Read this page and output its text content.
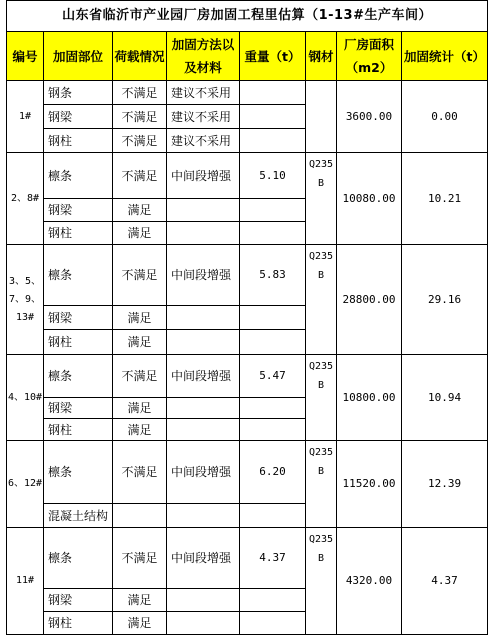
山东省临沂市产业园厂房加固工程里估算（1-13#生产车间）							
编号	加固部位	荷载情况	加固方法以及材料	重量（t）	钢材	厂房面积（m2）	加固统计（t）
1#	钢条	不满足	建议不采用			3600.00	0.00
	钢梁	不满足	建议不采用				
	钢柱	不满足	建议不采用				
2、8#	檩条	不满足	中间段增强	5.10	Q235 B	10080.00	10.21
	钢梁	满足					
	钢柱	满足					
3、5、7、9、13#	檩条	不满足	中间段增强	5.83	Q235 B	28800.00	29.16
	钢梁	满足					
	钢柱	满足					
4、10#	檩条	不满足	中间段增强	5.47	Q235 B	10800.00	10.94
	钢梁	满足					
	钢柱	满足					
6、12#	檩条	不满足	中间段增强	6.20	Q235 B	11520.00	12.39
	混凝土结构						
11#	檩条	不满足	中间段增强	4.37	Q235 B	4320.00	4.37
	钢梁	满足					
	钢柱	满足					
